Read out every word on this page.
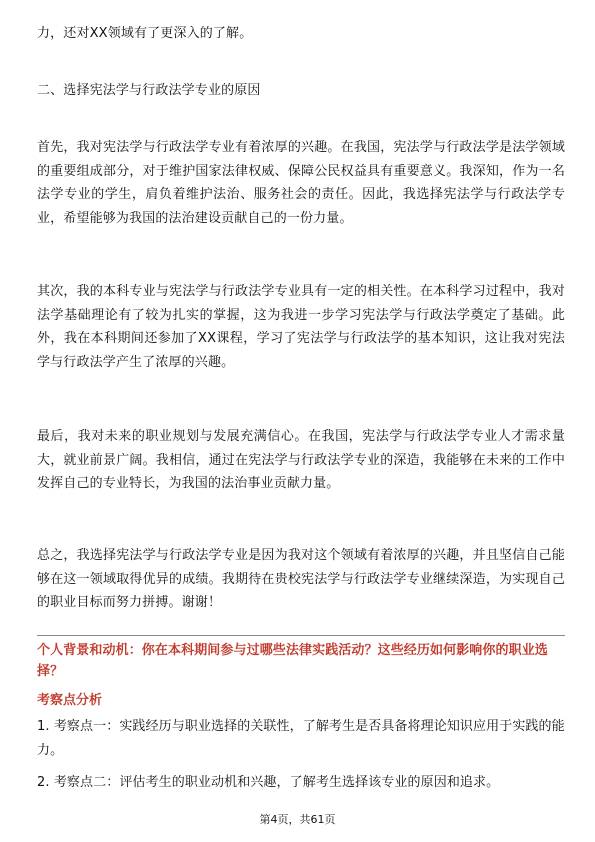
力，还对XX领域有了更深入的了解。

二、选择宪法学与行政法学专业的原因

首先，我对宪法学与行政法学专业有着浓厚的兴趣。在我国，宪法学与行政法学是法学领域的重要组成部分，对于维护国家法律权威、保障公民权益具有重要意义。我深知，作为一名法学专业的学生，肩负着维护法治、服务社会的责任。因此，我选择宪法学与行政法学专业，希望能够为我国的法治建设贡献自己的一份力量。

其次，我的本科专业与宪法学与行政法学专业具有一定的相关性。在本科学习过程中，我对法学基础理论有了较为扎实的掌握，这为我进一步学习宪法学与行政法学奠定了基础。此外，我在本科期间还参加了XX课程，学习了宪法学与行政法学的基本知识，这让我对宪法学与行政法学产生了浓厚的兴趣。

最后，我对未来的职业规划与发展充满信心。在我国，宪法学与行政法学专业人才需求量大，就业前景广阔。我相信，通过在宪法学与行政法学专业的深造，我能够在未来的工作中发挥自己的专业特长，为我国的法治事业贡献力量。

总之，我选择宪法学与行政法学专业是因为我对这个领域有着浓厚的兴趣，并且坚信自己能够在这一领域取得优异的成绩。我期待在贵校宪法学与行政法学专业继续深造，为实现自己的职业目标而努力拼搏。谢谢！

个人背景和动机：你在本科期间参与过哪些法律实践活动？这些经历如何影响你的职业选择？

考察点分析

1. 考察点一：实践经历与职业选择的关联性，了解考生是否具备将理论知识应用于实践的能力。

2. 考察点二：评估考生的职业动机和兴趣，了解考生选择该专业的原因和追求。

第4页，共61页
